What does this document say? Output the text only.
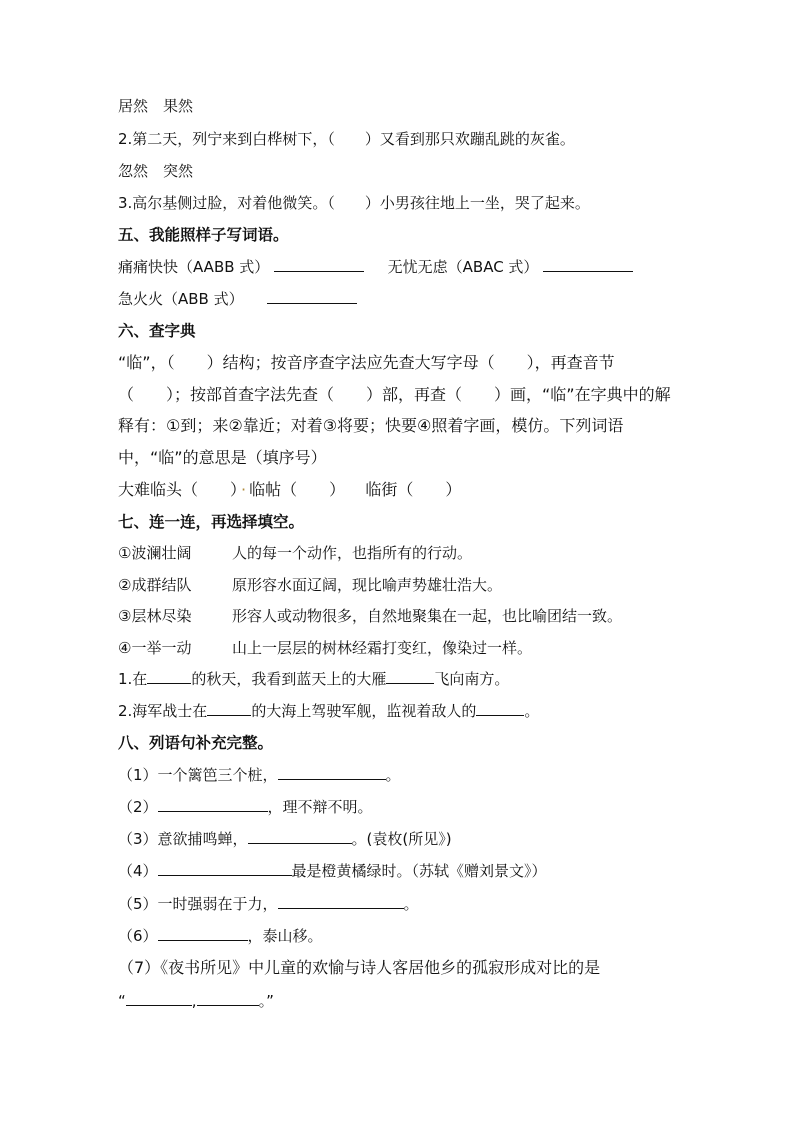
居然　果然
2.第二天，列宁来到白桦树下，（　　）又看到那只欢蹦乱跳的灰雀。
忽然　突然
3.高尔基侧过脸，对着他微笑。（　　）小男孩往地上一坐，哭了起来。
五、我能照样子写词语。
痛痛快快（AABB 式）	无忧无虑（ABAC 式）
急火火（ABB 式）
六、查字典
“临”，（　　）结构；按音序查字法应先查大写字母（　　），再查音节
（　　）；按部首查字法先查（　　）部，再查（　　）画，“临”在字典中的解
释有：①到；来②靠近；对着③将要；快要④照着字画，模仿。下列词语
中，“临”的意思是（填序号）
大难临头（　　） · 临帖（　　） 临街（　　）
七、连一连，再选择填空。
①波澜壮阔	人的每一个动作，也指所有的行动。
②成群结队	原形容水面辽阔，现比喻声势雄壮浩大。
③层林尽染	形容人或动物很多，自然地聚集在一起，也比喻团结一致。
④一举一动	山上一层层的树林经霜打变红，像染过一样。
1.在	的秋天，我看到蓝天上的大雁	飞向南方。
2.海军战士在	的大海上驾驶军舰，监视着敌人的	。
八、列语句补充完整。
（1）一个篱笆三个桩，	。
（2）	，理不辩不明。
（3）意欲捕鸣蝉，	。(袁枚(所见》)
（4）	最是橙黄橘绿时。（苏轼《赠刘景文》）
（5）一时强弱在于力，	。
（6）	，泰山移。
（7）《夜书所见》中儿童的欢愉与诗人客居他乡的孤寂形成对比的是
“	,	。”
